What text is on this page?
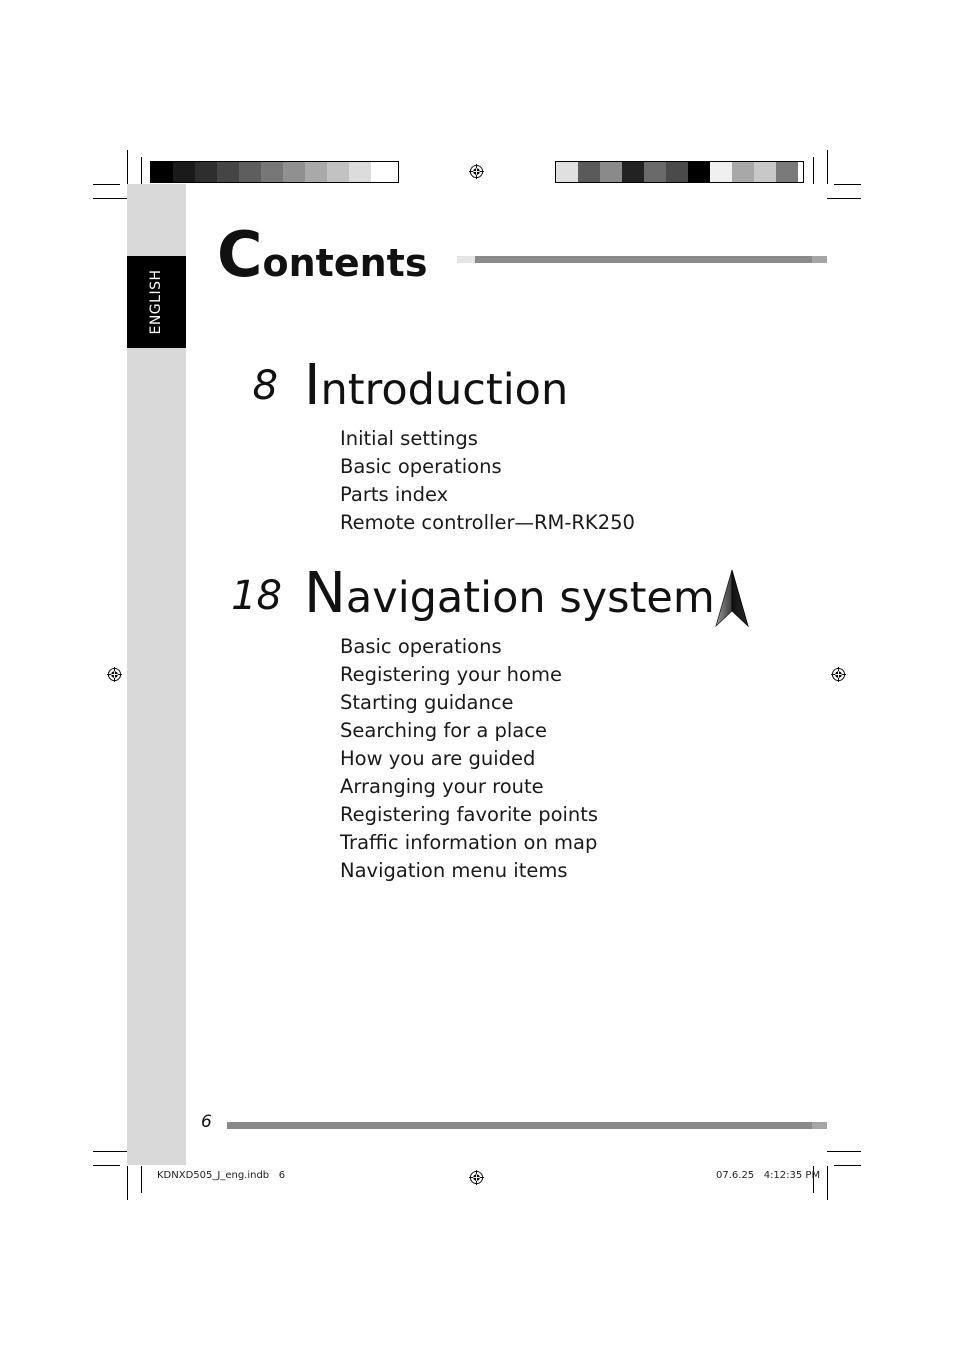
ENGLISH
Contents
8 Introduction
Initial settings
Basic operations
Parts index
Remote controller—RM-RK250
18 Navigation system
Basic operations
Registering your home
Starting guidance
Searching for a place
How you are guided
Arranging your route
Registering favorite points
Traffic information on map
Navigation menu items
6
KDNXD505_J_eng.indb   6	07.6.25   4:12:35 PM
